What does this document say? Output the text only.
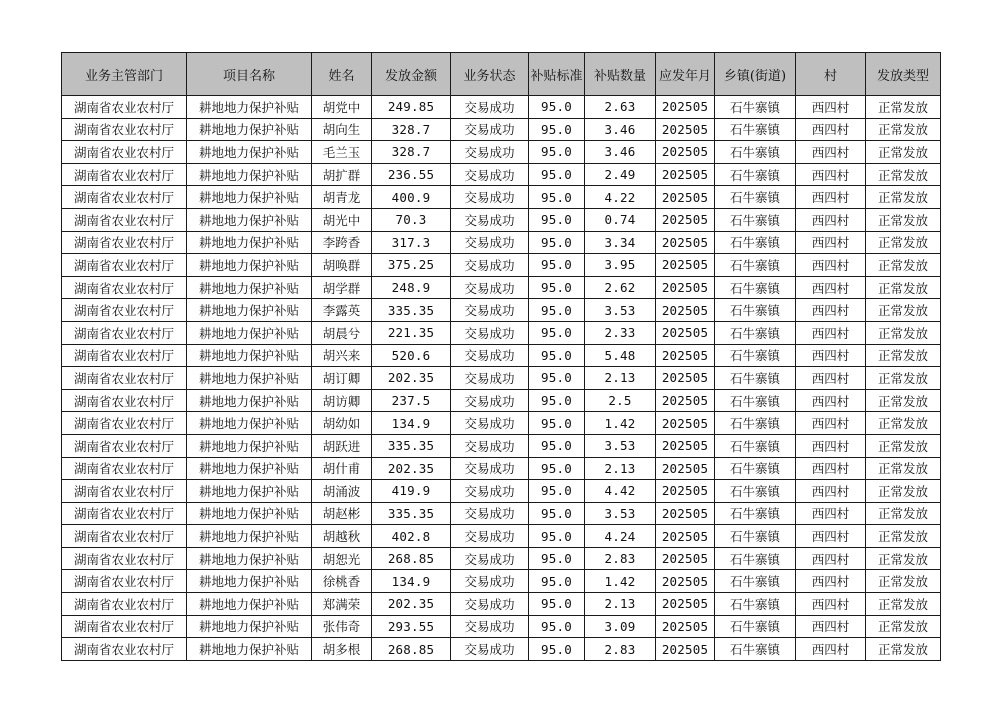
业务主管部门	项目名称	姓名	发放金额	业务状态	补贴标准	补贴数量	应发年月	乡镇(街道)	村	发放类型
湖南省农业农村厅	耕地地力保护补贴	胡党中	249.85	交易成功	95.0	2.63	202505	石牛寨镇	西四村	正常发放
湖南省农业农村厅	耕地地力保护补贴	胡向生	328.7	交易成功	95.0	3.46	202505	石牛寨镇	西四村	正常发放
湖南省农业农村厅	耕地地力保护补贴	毛兰玉	328.7	交易成功	95.0	3.46	202505	石牛寨镇	西四村	正常发放
湖南省农业农村厅	耕地地力保护补贴	胡扩群	236.55	交易成功	95.0	2.49	202505	石牛寨镇	西四村	正常发放
湖南省农业农村厅	耕地地力保护补贴	胡青龙	400.9	交易成功	95.0	4.22	202505	石牛寨镇	西四村	正常发放
湖南省农业农村厅	耕地地力保护补贴	胡光中	70.3	交易成功	95.0	0.74	202505	石牛寨镇	西四村	正常发放
湖南省农业农村厅	耕地地力保护补贴	李跨香	317.3	交易成功	95.0	3.34	202505	石牛寨镇	西四村	正常发放
湖南省农业农村厅	耕地地力保护补贴	胡唤群	375.25	交易成功	95.0	3.95	202505	石牛寨镇	西四村	正常发放
湖南省农业农村厅	耕地地力保护补贴	胡学群	248.9	交易成功	95.0	2.62	202505	石牛寨镇	西四村	正常发放
湖南省农业农村厅	耕地地力保护补贴	李露英	335.35	交易成功	95.0	3.53	202505	石牛寨镇	西四村	正常发放
湖南省农业农村厅	耕地地力保护补贴	胡晨兮	221.35	交易成功	95.0	2.33	202505	石牛寨镇	西四村	正常发放
湖南省农业农村厅	耕地地力保护补贴	胡兴来	520.6	交易成功	95.0	5.48	202505	石牛寨镇	西四村	正常发放
湖南省农业农村厅	耕地地力保护补贴	胡订卿	202.35	交易成功	95.0	2.13	202505	石牛寨镇	西四村	正常发放
湖南省农业农村厅	耕地地力保护补贴	胡访卿	237.5	交易成功	95.0	2.5	202505	石牛寨镇	西四村	正常发放
湖南省农业农村厅	耕地地力保护补贴	胡幼如	134.9	交易成功	95.0	1.42	202505	石牛寨镇	西四村	正常发放
湖南省农业农村厅	耕地地力保护补贴	胡跃进	335.35	交易成功	95.0	3.53	202505	石牛寨镇	西四村	正常发放
湖南省农业农村厅	耕地地力保护补贴	胡什甫	202.35	交易成功	95.0	2.13	202505	石牛寨镇	西四村	正常发放
湖南省农业农村厅	耕地地力保护补贴	胡涌波	419.9	交易成功	95.0	4.42	202505	石牛寨镇	西四村	正常发放
湖南省农业农村厅	耕地地力保护补贴	胡赵彬	335.35	交易成功	95.0	3.53	202505	石牛寨镇	西四村	正常发放
湖南省农业农村厅	耕地地力保护补贴	胡越秋	402.8	交易成功	95.0	4.24	202505	石牛寨镇	西四村	正常发放
湖南省农业农村厅	耕地地力保护补贴	胡恕光	268.85	交易成功	95.0	2.83	202505	石牛寨镇	西四村	正常发放
湖南省农业农村厅	耕地地力保护补贴	徐桃香	134.9	交易成功	95.0	1.42	202505	石牛寨镇	西四村	正常发放
湖南省农业农村厅	耕地地力保护补贴	郑满荣	202.35	交易成功	95.0	2.13	202505	石牛寨镇	西四村	正常发放
湖南省农业农村厅	耕地地力保护补贴	张伟奇	293.55	交易成功	95.0	3.09	202505	石牛寨镇	西四村	正常发放
湖南省农业农村厅	耕地地力保护补贴	胡多根	268.85	交易成功	95.0	2.83	202505	石牛寨镇	西四村	正常发放
